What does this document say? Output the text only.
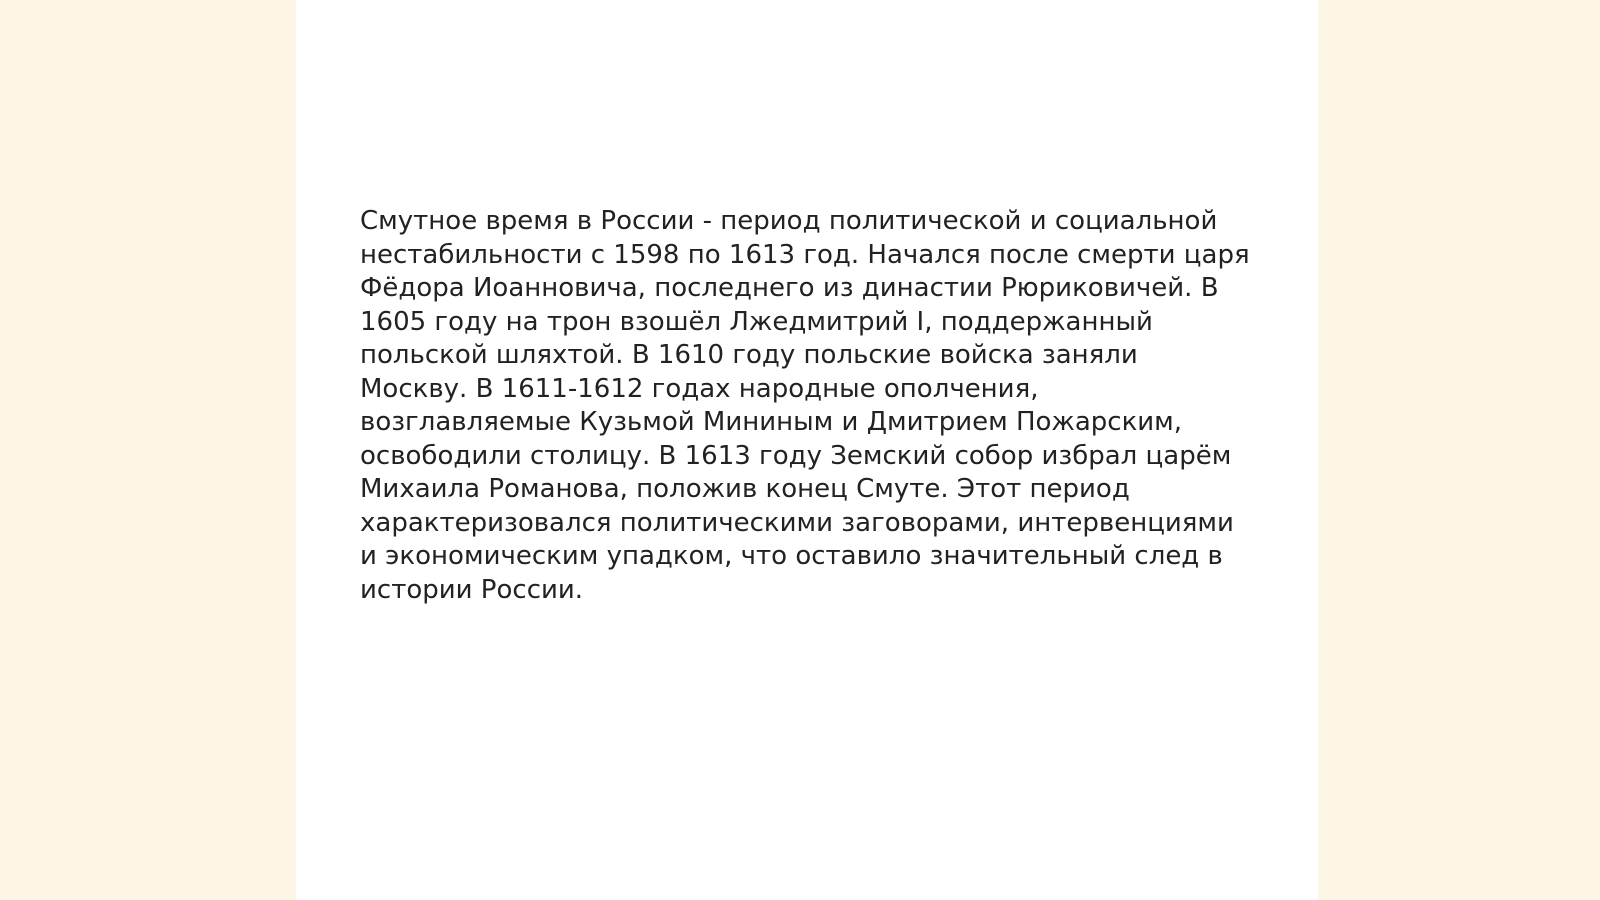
Смутное время в России - период политической и социальной
нестабильности с 1598 по 1613 год. Начался после смерти царя
Фёдора Иоанновича, последнего из династии Рюриковичей. В
1605 году на трон взошёл Лжедмитрий I, поддержанный
польской шляхтой. В 1610 году польские войска заняли
Москву. В 1611-1612 годах народные ополчения,
возглавляемые Кузьмой Мининым и Дмитрием Пожарским,
освободили столицу. В 1613 году Земский собор избрал царём
Михаила Романова, положив конец Смуте. Этот период
характеризовался политическими заговорами, интервенциями
и экономическим упадком, что оставило значительный след в
истории России.
